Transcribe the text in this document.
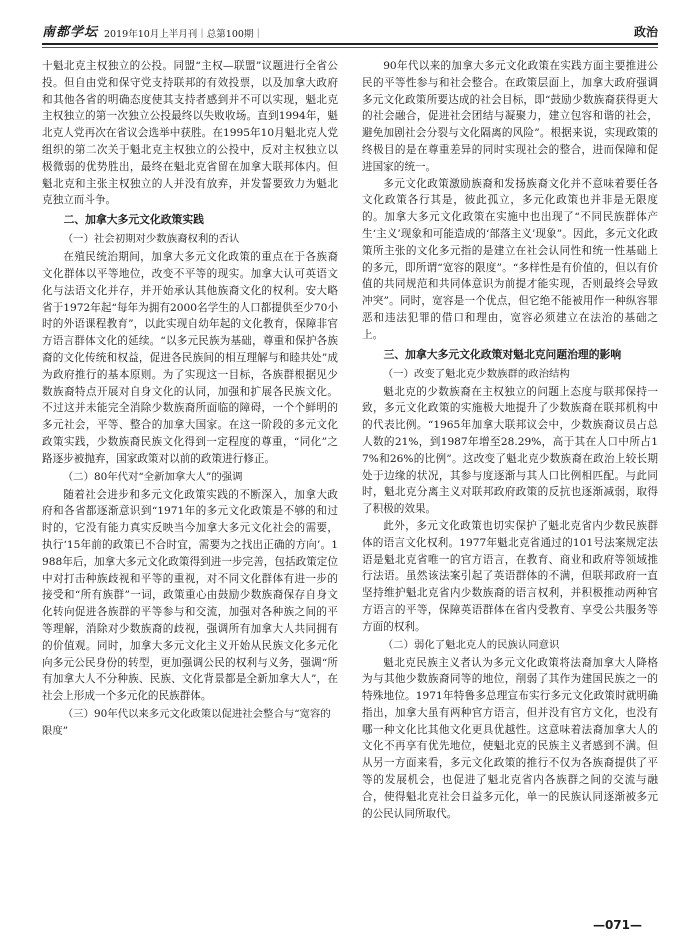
南都学坛 2019年10月上半月刊｜总第100期｜	政治

十魁北克主权独立的公投。同盟“主权—联盟”议题进行全省公投。但自由党和保守党支持联邦的有效投票，以及加拿大政府和其他各省的明确态度使其支持者感到并不可以实现，魁北克主权独立的第一次独立公投最终以失败收场。直到1994年，魁北克人党再次在省议会选举中获胜。在1995年10月魁北克人党组织的第二次关于魁北克主权独立的公投中，反对主权独立以极微弱的优势胜出，最终在魁北克省留在加拿大联邦体内。但魁北克和主张主权独立的人并没有放弃，并发誓要致力为魁北克独立而斗争。

二、加拿大多元文化政策实践
（一）社会初期对少数族裔权利的否认

在殖民统治期间，加拿大多元文化政策的重点在于各族裔文化群体以平等地位，改变不平等的现实。加拿大认可英语文化与法语文化并存，并开始承认其他族裔文化的权利。安大略省于1972年起“每年为拥有2000名学生的人口都提供至少70小时的外语课程教育”，以此实现自幼年起的文化教育，保障非官方语言群体文化的延续。“以多元民族为基础，尊重和保护各族裔的文化传统和权益，促进各民族间的相互理解与和睦共处”成为政府推行的基本原则。为了实现这一目标，各族群根据见少数族裔特点开展对自身文化的认同，加强和扩展各民族文化。不过这并未能完全消除少数族裔所面临的障碍，一个个鲜明的多元社会，平等、整合的加拿大国家。在这一阶段的多元文化政策实践，少数族裔民族文化得到一定程度的尊重，“同化”之路逐步被抛弃，国家政策对以前的政策进行修正。

（二）80年代对“全新加拿大人”的强调

随着社会进步和多元文化政策实践的不断深入，加拿大政府和各省都逐渐意识到“1971年的多元文化政策是不够的和过时的，它没有能力真实反映当今加拿大多元文化社会的需要，执行‘15年前的政策已不合时宜，需要为之找出正确的方向’。1988年后，加拿大多元文化政策得到进一步完善，包括政策定位中对打击种族歧视和平等的重视，对不同文化群体有进一步的接受和“所有族群”一词，政策重心由鼓励少数族裔保存自身文化转向促进各族群的平等参与和交流，加强对各种族之间的平等理解，消除对少数族裔的歧视，强调所有加拿大人共同拥有的价值观。同时，加拿大多元文化主义开始从民族文化多元化向多元公民身份的转型，更加强调公民的权利与义务，强调“所有加拿大人不分种族、民族、文化背景都是全新加拿大人”，在社会上形成一个多元化的民族群体。

（三）90年代以来多元文化政策以促进社会整合与“宽容的限度”

90年代以来的加拿大多元文化政策在实践方面主要推进公民的平等性参与和社会整合。在政策层面上，加拿大政府强调多元文化政策所要达成的社会目标，即“鼓励少数族裔获得更大的社会融合，促进社会团结与凝聚力，建立包容和谐的社会，避免加剧社会分裂与文化隔离的风险”。根据来说，实现政策的终极目的是在尊重差异的同时实现社会的整合，进而保障和促进国家的统一。

多元文化政策激励族裔和发扬族裔文化并不意味着要任各文化政策各行其是，彼此孤立，多元化政策也并非是无限度的。加拿大多元文化政策在实施中也出现了“不同民族群体产生‘主义’现象和可能造成的‘部落主义’现象”。因此，多元文化政策所主张的文化多元指的是建立在社会认同性和统一性基础上的多元，即所谓“宽容的限度”。“多样性是有价值的，但以有价值的共同规范和共同体意识为前提才能实现，否则最终会导致冲突”。同时，宽容是一个优点，但它绝不能被用作一种纵容罪恶和违法犯罪的借口和理由，宽容必须建立在法治的基础之上。

三、加拿大多元文化政策对魁北克问题治理的影响
（一）改变了魁北克少数族群的政治结构

魁北克的少数族裔在主权独立的问题上态度与联邦保持一致，多元文化政策的实施极大地提升了少数族裔在联邦机构中的代表比例。“1965年加拿大联邦议会中，少数族裔议员占总人数的21%，到1987年增至28.29%，高于其在人口中所占17%和26%的比例”。这改变了魁北克少数族裔在政治上较长期处于边缘的状况，其参与度逐渐与其人口比例相匹配。与此同时，魁北克分离主义对联邦政府政策的反抗也逐渐减弱，取得了积极的效果。

此外，多元文化政策也切实保护了魁北克省内少数民族群体的语言文化权利。1977年魁北克省通过的101号法案规定法语是魁北克省唯一的官方语言，在教育、商业和政府等领域推行法语。虽然该法案引起了英语群体的不满，但联邦政府一直坚持维护魁北克省内少数族裔的语言权利，并积极推动两种官方语言的平等，保障英语群体在省内受教育、享受公共服务等方面的权利。

（二）弱化了魁北克人的民族认同意识

魁北克民族主义者认为多元文化政策将法裔加拿大人降格为与其他少数族裔同等的地位，削弱了其作为建国民族之一的特殊地位。1971年特鲁多总理宣布实行多元文化政策时就明确指出，加拿大虽有两种官方语言，但并没有官方文化，也没有哪一种文化比其他文化更具优越性。这意味着法裔加拿大人的文化不再享有优先地位，使魁北克的民族主义者感到不满。但从另一方面来看，多元文化政策的推行不仅为各族裔提供了平等的发展机会，也促进了魁北克省内各族群之间的交流与融合，使得魁北克社会日益多元化，单一的民族认同逐渐被多元的公民认同所取代。

—071—
